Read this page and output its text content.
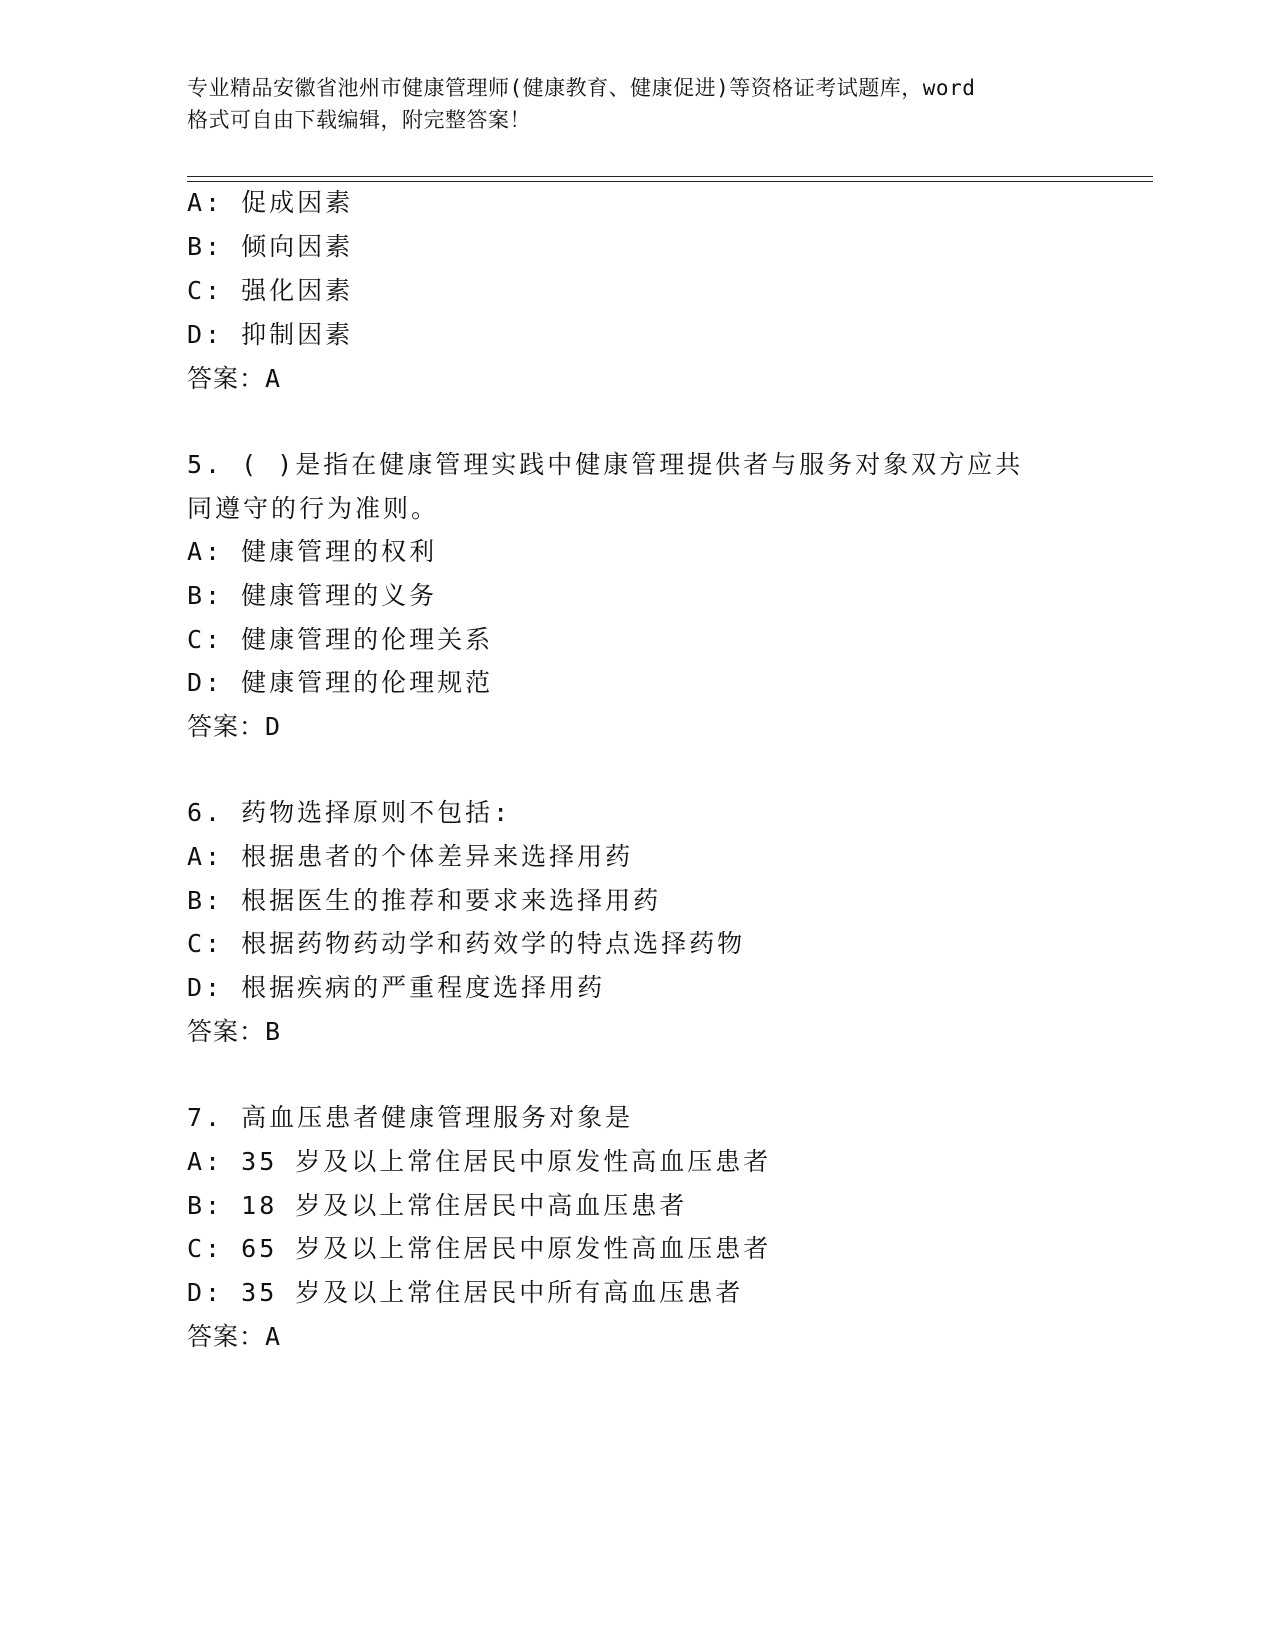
专业精品安徽省池州市健康管理师(健康教育、健康促进)等资格证考试题库，word
格式可自由下载编辑，附完整答案！
A: 促成因素
B: 倾向因素
C: 强化因素
D: 抑制因素
答案：A
5. ( )是指在健康管理实践中健康管理提供者与服务对象双方应共
同遵守的行为准则。
A: 健康管理的权利
B: 健康管理的义务
C: 健康管理的伦理关系
D: 健康管理的伦理规范
答案：D
6. 药物选择原则不包括:
A: 根据患者的个体差异来选择用药
B: 根据医生的推荐和要求来选择用药
C: 根据药物药动学和药效学的特点选择药物
D: 根据疾病的严重程度选择用药
答案：B
7. 高血压患者健康管理服务对象是
A: 35 岁及以上常住居民中原发性高血压患者
B: 18 岁及以上常住居民中高血压患者
C: 65 岁及以上常住居民中原发性高血压患者
D: 35 岁及以上常住居民中所有高血压患者
答案：A
